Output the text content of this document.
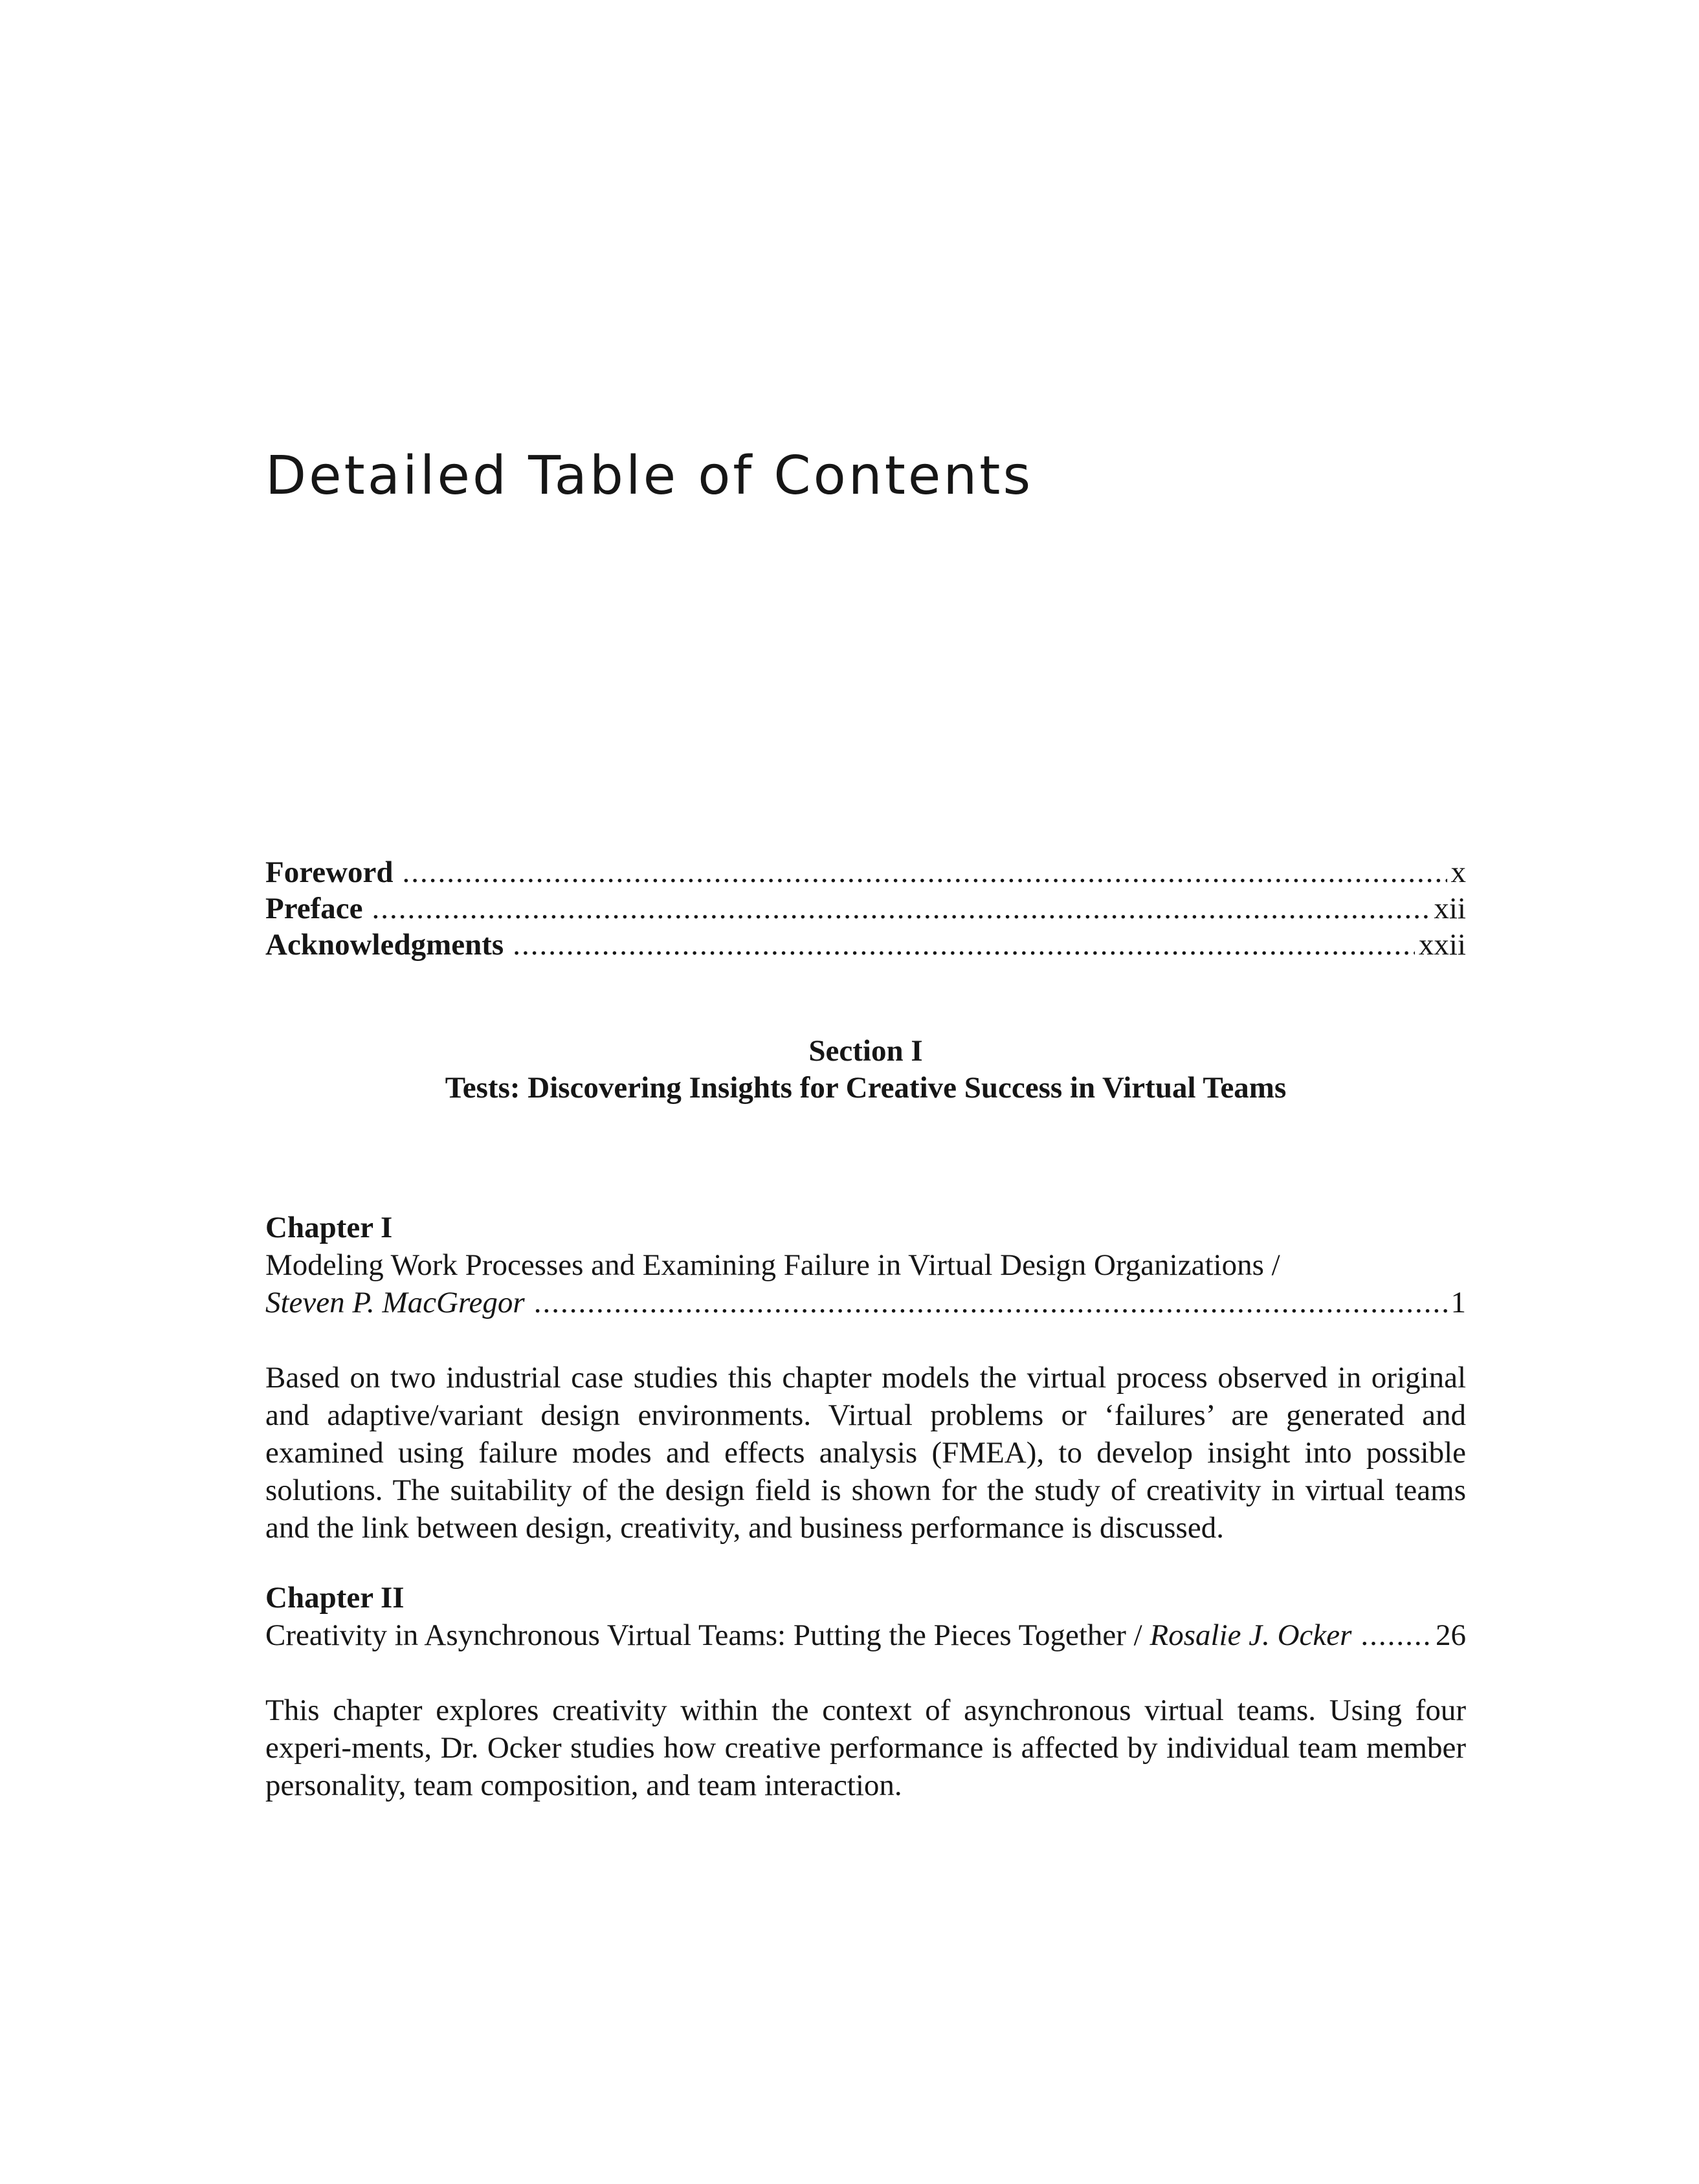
Detailed Table of Contents
Foreword .....	x
Preface .....	xii
Acknowledgments .....	xxii
Section I
Tests: Discovering Insights for Creative Success in Virtual Teams
Chapter I
Modeling Work Processes and Examining Failure in Virtual Design Organizations /
Steven P. MacGregor .....	1
Based on two industrial case studies this chapter models the virtual process observed in original and adaptive/variant design environments. Virtual problems or ‘failures’ are generated and examined using failure modes and effects analysis (FMEA), to develop insight into possible solutions. The suitability of the design field is shown for the study of creativity in virtual teams and the link between design, creativity, and business performance is discussed.
Chapter II
Creativity in Asynchronous Virtual Teams: Putting the Pieces Together / Rosalie J. Ocker .....	26
This chapter explores creativity within the context of asynchronous virtual teams. Using four experi-ments, Dr. Ocker studies how creative performance is affected by individual team member personality, team composition, and team interaction.
